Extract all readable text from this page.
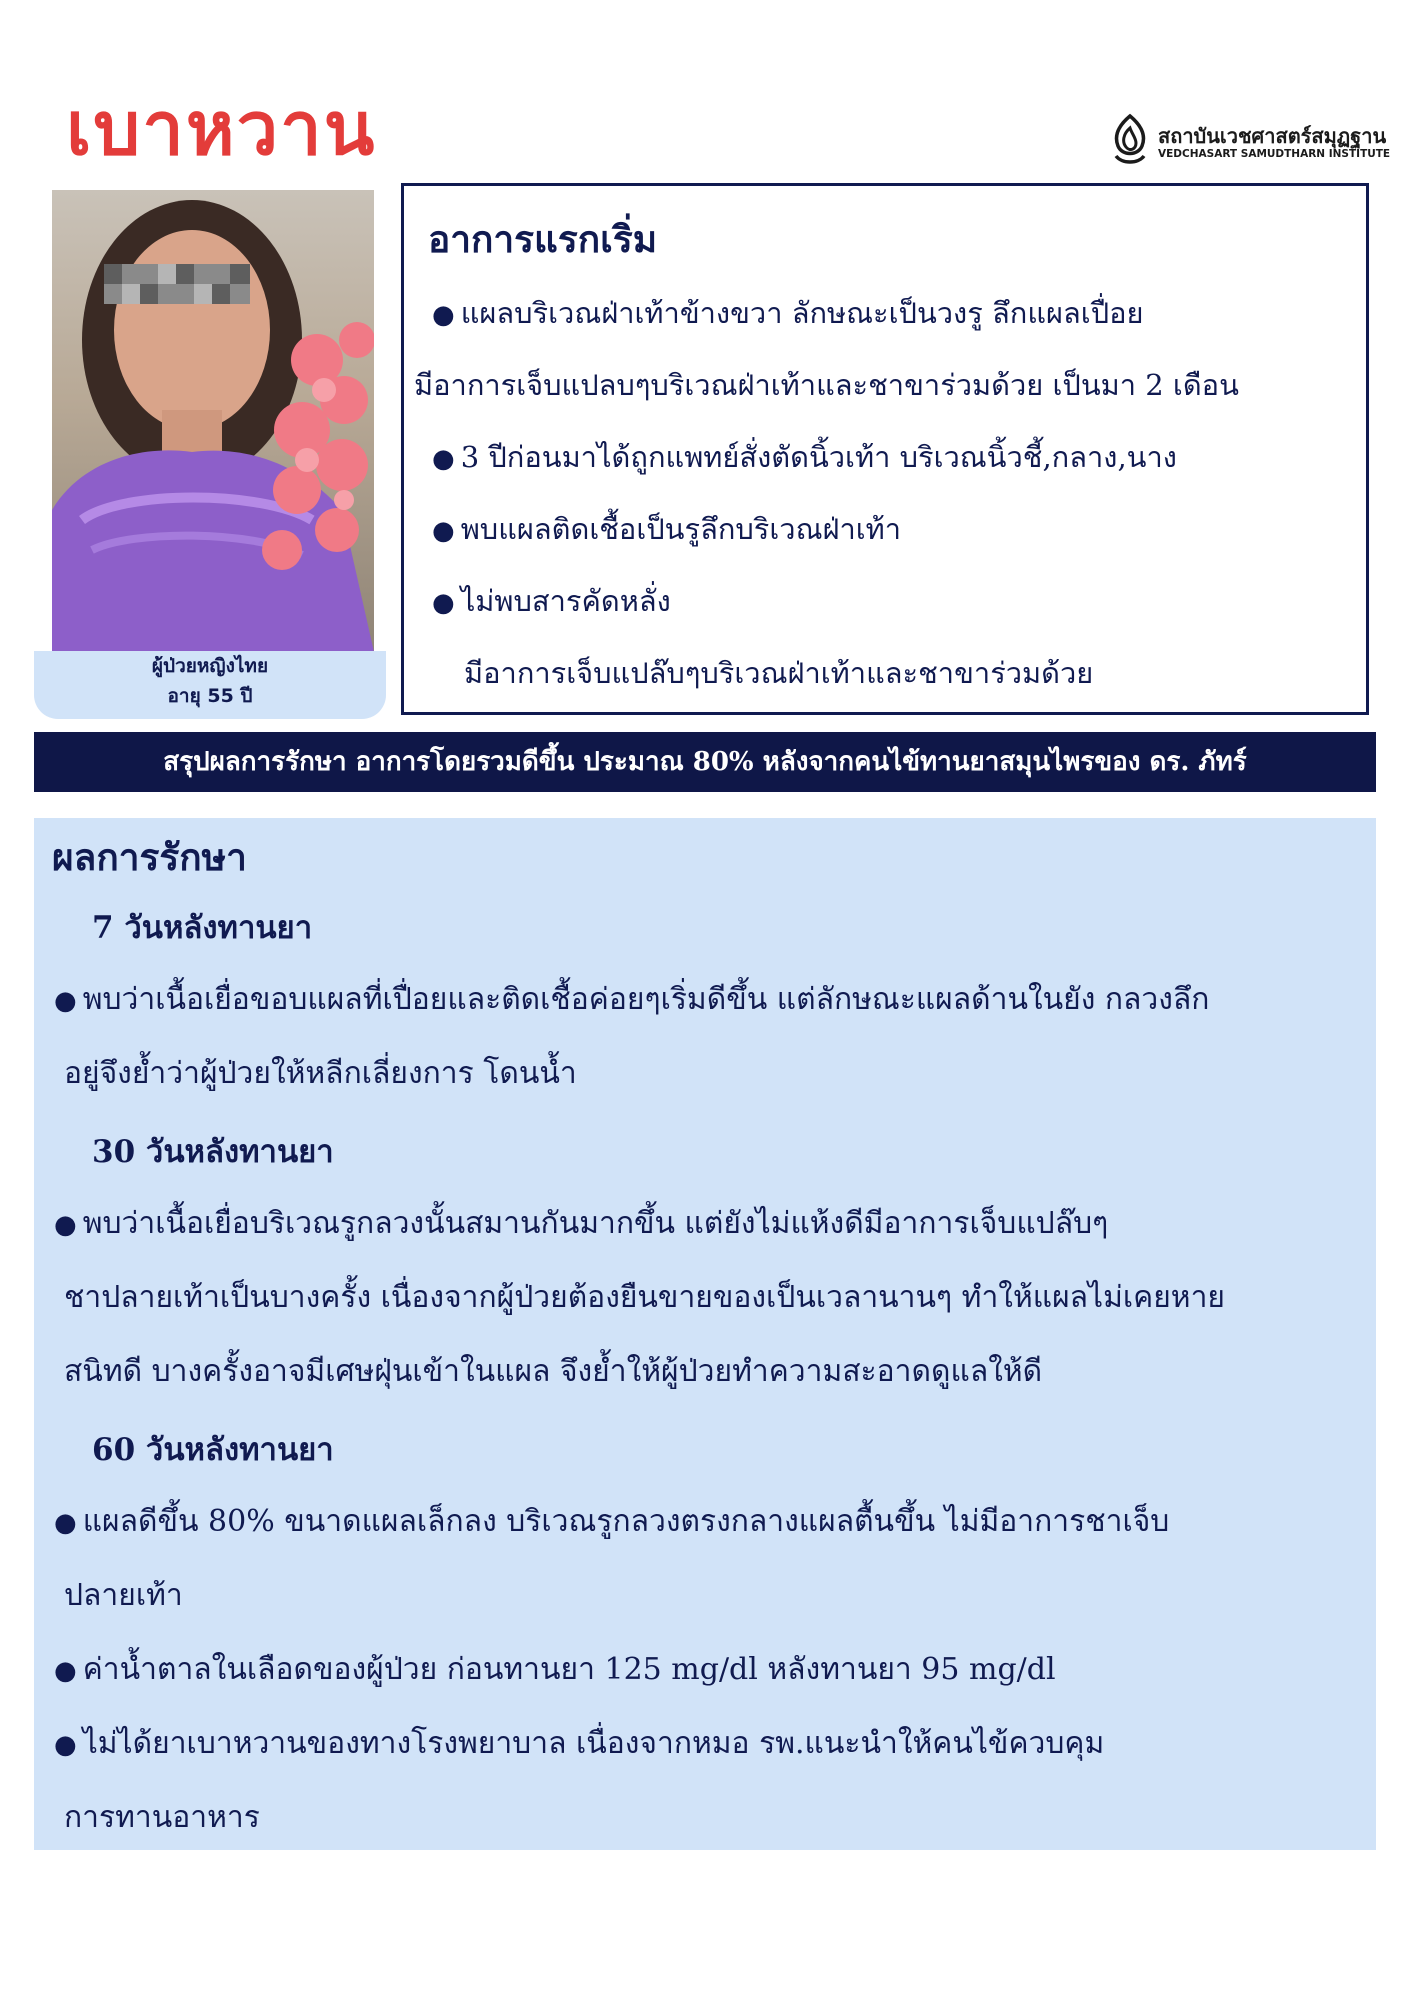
เบาหวาน	สถาบันเวชศาสตร์สมุฏฐาน
VEDCHASART SAMUDTHARN INSTITUTE
ผู้ป่วยหญิงไทย
อายุ 55 ปี
อาการแรกเริ่ม
● แผลบริเวณฝ่าเท้าข้างขวา ลักษณะเป็นวงรู ลึกแผลเปื่อย
มีอาการเจ็บแปลบๆบริเวณฝ่าเท้าและชาขาร่วมด้วย เป็นมา 2 เดือน
● 3 ปีก่อนมาได้ถูกแพทย์สั่งตัดนิ้วเท้า บริเวณนิ้วชี้,กลาง,นาง
● พบแผลติดเชื้อเป็นรูลึกบริเวณฝ่าเท้า
● ไม่พบสารคัดหลั่ง
มีอาการเจ็บแปล๊บๆบริเวณฝ่าเท้าและชาขาร่วมด้วย
สรุปผลการรักษา อาการโดยรวมดีขึ้น ประมาณ 80% หลังจากคนไข้ทานยาสมุนไพรของ ดร. ภัทร์
ผลการรักษา
7 วันหลังทานยา
● พบว่าเนื้อเยื่อขอบแผลที่เปื่อยและติดเชื้อค่อยๆเริ่มดีขึ้น แต่ลักษณะแผลด้านในยัง กลวงลึก
อยู่จึงย้ำว่าผู้ป่วยให้หลีกเลี่ยงการ โดนน้ำ
30 วันหลังทานยา
● พบว่าเนื้อเยื่อบริเวณรูกลวงนั้นสมานกันมากขึ้น แต่ยังไม่แห้งดีมีอาการเจ็บแปล๊บๆ
ชาปลายเท้าเป็นบางครั้ง เนื่องจากผู้ป่วยต้องยืนขายของเป็นเวลานานๆ ทำให้แผลไม่เคยหาย
สนิทดี บางครั้งอาจมีเศษฝุ่นเข้าในแผล จึงย้ำให้ผู้ป่วยทำความสะอาดดูแลให้ดี
60 วันหลังทานยา
● แผลดีขึ้น 80% ขนาดแผลเล็กลง บริเวณรูกลวงตรงกลางแผลตื้นขึ้น ไม่มีอาการชาเจ็บ
ปลายเท้า
● ค่าน้ำตาลในเลือดของผู้ป่วย ก่อนทานยา 125 mg/dl หลังทานยา 95 mg/dl
● ไม่ได้ยาเบาหวานของทางโรงพยาบาล เนื่องจากหมอ รพ.แนะนำให้คนไข้ควบคุม
การทานอาหาร
